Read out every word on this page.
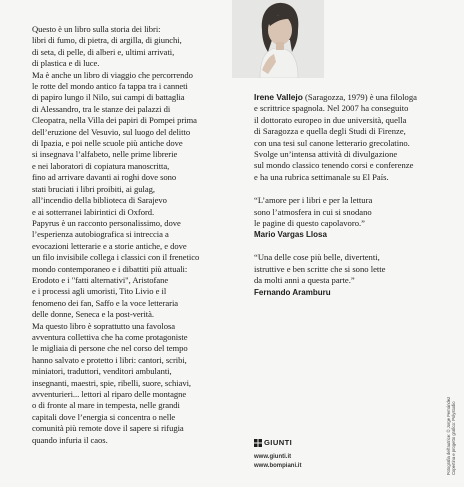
Questo è un libro sulla storia dei libri:
libri di fumo, di pietra, di argilla, di giunchi,
di seta, di pelle, di alberi e, ultimi arrivati,
di plastica e di luce.

Ma è anche un libro di viaggio che percorrendo
le rotte del mondo antico fa tappa tra i canneti
di papiro lungo il Nilo, sui campi di battaglia
di Alessandro, tra le stanze dei palazzi di
Cleopatra, nella Villa dei papiri di Pompei prima
dell’eruzione del Vesuvio, sul luogo del delitto
di Ipazia, e poi nelle scuole più antiche dove
si insegnava l’alfabeto, nelle prime librerie
e nei laboratori di copiatura manoscritta,
fino ad arrivare davanti ai roghi dove sono
stati bruciati i libri proibiti, ai gulag,
all’incendio della biblioteca di Sarajevo
e ai sotterranei labirintici di Oxford.

Papyrus è un racconto personalissimo, dove
l’esperienza autobiografica si intreccia a
evocazioni letterarie e a storie antiche, e dove
un filo invisibile collega i classici con il frenetico
mondo contemporaneo e i dibattiti più attuali:
Erodoto e i "fatti alternativi", Aristofane
e i processi agli umoristi, Tito Livio e il
fenomeno dei fan, Saffo e la voce letteraria
delle donne, Seneca e la post-verità.

Ma questo libro è soprattutto una favolosa
avventura collettiva che ha come protagoniste
le migliaia di persone che nel corso del tempo
hanno salvato e protetto i libri: cantori, scribi,
miniatori, traduttori, venditori ambulanti,
insegnanti, maestri, spie, ribelli, suore, schiavi,
avventurieri... lettori al riparo delle montagne
o di fronte al mare in tempesta, nelle grandi
capitali dove l’energia si concentra o nelle
comunità più remote dove il sapere si rifugia
quando infuria il caos.

Irene Vallejo (Saragozza, 1979) è una filologa
e scrittrice spagnola. Nel 2007 ha conseguito
il dottorato europeo in due università, quella
di Saragozza e quella degli Studi di Firenze,
con una tesi sul canone letterario grecolatino.
Svolge un’intensa attività di divulgazione
sul mondo classico tenendo corsi e conferenze
e ha una rubrica settimanale su El País.

“L’amore per i libri e per la lettura
sono l’atmosfera in cui si snodano
le pagine di questo capolavoro.”

Mario Vargas Llosa

“Una delle cose più belle, divertenti,
istruttive e ben scritte che si sono lette
da molti anni a questa parte.”

Fernando Aramburu

GIUNTI
www.giunti.it
www.bompiani.it	Fotografia dell’autrice: © Jorge Fernández
Copertina e progetto grafico: Polystudio
